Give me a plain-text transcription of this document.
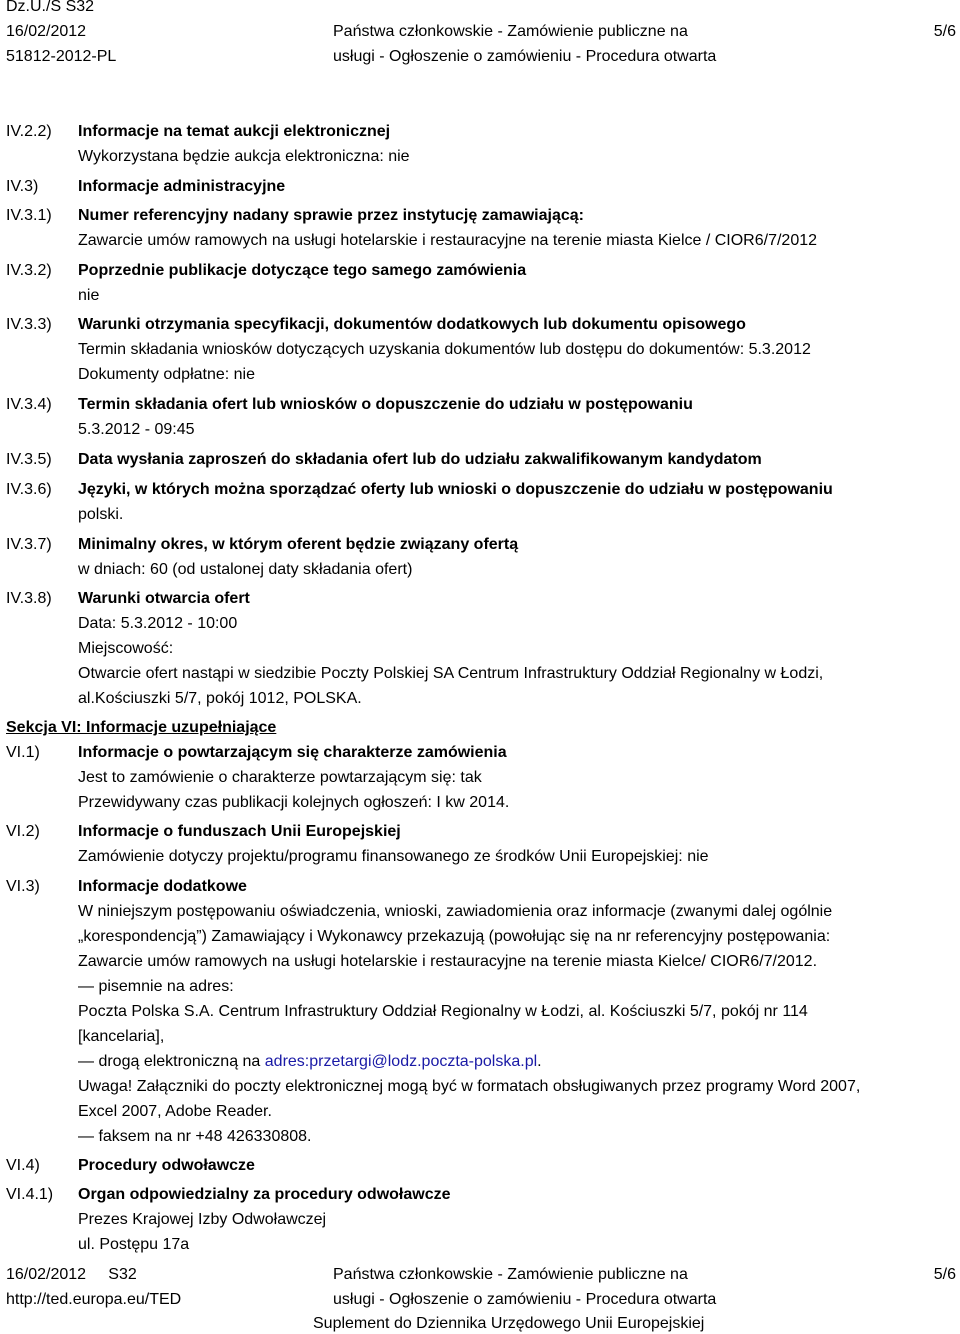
Dz.U./S S32
16/02/2012
51812-2012-PL
Państwa członkowskie - Zamówienie publiczne na
usługi - Ogłoszenie o zamówieniu - Procedura otwarta
5/6
IV.2.2)
IV.3)
IV.3.1)
IV.3.2)
IV.3.3)
IV.3.4)
IV.3.5)
IV.3.6)
IV.3.7)
IV.3.8)
Informacje na temat aukcji elektronicznej
Wykorzystana będzie aukcja elektroniczna: nie
Informacje administracyjne
Numer referencyjny nadany sprawie przez instytucję zamawiającą:
Zawarcie umów ramowych na usługi hotelarskie i restauracyjne na terenie miasta Kielce / CIOR6/7/2012
Poprzednie publikacje dotyczące tego samego zamówienia
nie
Warunki otrzymania specyfikacji, dokumentów dodatkowych lub dokumentu opisowego
Termin składania wniosków dotyczących uzyskania dokumentów lub dostępu do dokumentów: 5.3.2012
Dokumenty odpłatne: nie
Termin składania ofert lub wniosków o dopuszczenie do udziału w postępowaniu
5.3.2012 - 09:45
Data wysłania zaproszeń do składania ofert lub do udziału zakwalifikowanym kandydatom
Języki, w których można sporządzać oferty lub wnioski o dopuszczenie do udziału w postępowaniu
polski.
Minimalny okres, w którym oferent będzie związany ofertą
w dniach: 60 (od ustalonej daty składania ofert)
Warunki otwarcia ofert
Data: 5.3.2012 - 10:00
Miejscowość:
Otwarcie ofert nastąpi w siedzibie Poczty Polskiej SA Centrum Infrastruktury Oddział Regionalny w Łodzi,
al.Kościuszki 5/7, pokój 1012, POLSKA.
Sekcja VI: Informacje uzupełniające
VI.1)
VI.2)
VI.3)
VI.4)
VI.4.1)
Informacje o powtarzającym się charakterze zamówienia
Jest to zamówienie o charakterze powtarzającym się: tak
Przewidywany czas publikacji kolejnych ogłoszeń: I kw 2014.
Informacje o funduszach Unii Europejskiej
Zamówienie dotyczy projektu/programu finansowanego ze środków Unii Europejskiej: nie
Informacje dodatkowe
W niniejszym postępowaniu oświadczenia, wnioski, zawiadomienia oraz informacje (zwanymi dalej ogólnie
„korespondencją”) Zamawiający i Wykonawcy przekazują (powołując się na nr referencyjny postępowania:
Zawarcie umów ramowych na usługi hotelarskie i restauracyjne na terenie miasta Kielce/ CIOR6/7/2012.
— pisemnie na adres:
Poczta Polska S.A. Centrum Infrastruktury Oddział Regionalny w Łodzi, al. Kościuszki 5/7, pokój nr 114
[kancelaria],
— drogą elektroniczną na adres:przetargi@lodz.poczta-polska.pl.
Uwaga! Załączniki do poczty elektronicznej mogą być w formatach obsługiwanych przez programy Word 2007,
Excel 2007, Adobe Reader.
— faksem na nr +48 426330808.
Procedury odwoławcze
Organ odpowiedzialny za procedury odwoławcze
Prezes Krajowej Izby Odwoławczej
ul. Postępu 17a
16/02/2012     S32
http://ted.europa.eu/TED
Państwa członkowskie - Zamówienie publiczne na
usługi - Ogłoszenie o zamówieniu - Procedura otwarta
Suplement do Dziennika Urzędowego Unii Europejskiej
5/6
